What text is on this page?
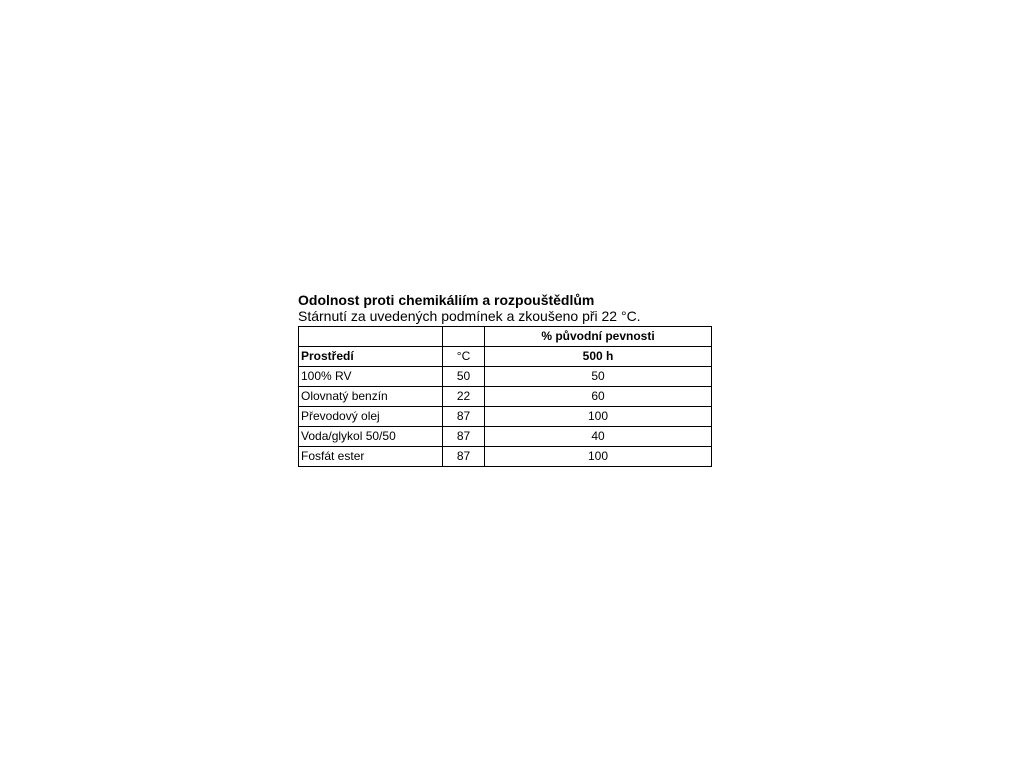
Odolnost proti chemikáliím a rozpouštědlům
Stárnutí za uvedených podmínek a zkoušeno při 22 °C.
		% původní pevnosti
Prostředí	°C	500 h
100% RV	50	50
Olovnatý benzín	22	60
Převodový olej	87	100
Voda/glykol 50/50	87	40
Fosfát ester	87	100
